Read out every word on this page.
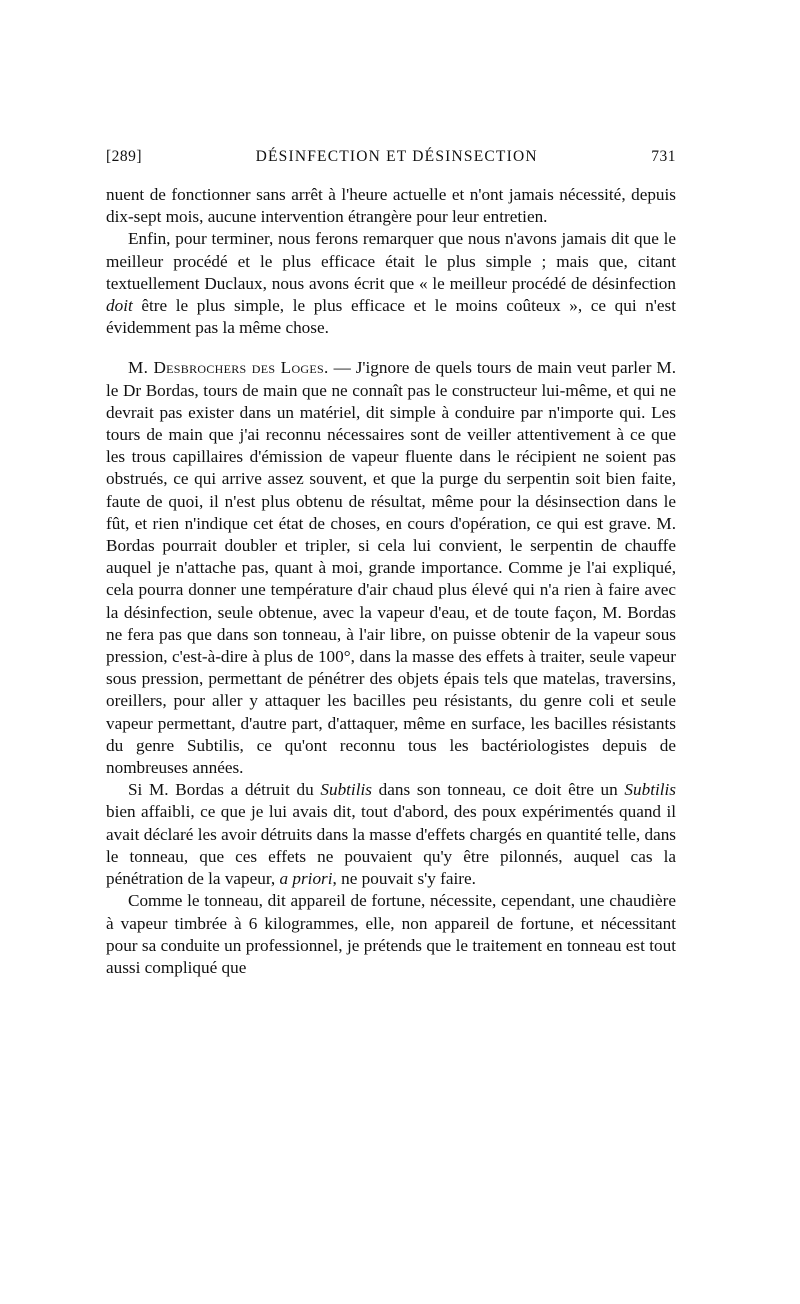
[289]	DÉSINFECTION ET DÉSINSECTION	731

nuent de fonctionner sans arrêt à l'heure actuelle et n'ont jamais nécessité, depuis dix-sept mois, aucune intervention étrangère pour leur entretien.

Enfin, pour terminer, nous ferons remarquer que nous n'avons jamais dit que le meilleur procédé et le plus efficace était le plus simple ; mais que, citant textuellement Duclaux, nous avons écrit que « le meilleur procédé de désinfection doit être le plus simple, le plus efficace et le moins coûteux », ce qui n'est évidemment pas la même chose.

M. Desbrochers des Loges. — J'ignore de quels tours de main veut parler M. le Dr Bordas, tours de main que ne connaît pas le constructeur lui-même, et qui ne devrait pas exister dans un matériel, dit simple à conduire par n'importe qui. Les tours de main que j'ai reconnu nécessaires sont de veiller attentivement à ce que les trous capillaires d'émission de vapeur fluente dans le récipient ne soient pas obstrués, ce qui arrive assez souvent, et que la purge du serpentin soit bien faite, faute de quoi, il n'est plus obtenu de résultat, même pour la désinsection dans le fût, et rien n'indique cet état de choses, en cours d'opération, ce qui est grave. M. Bordas pourrait doubler et tripler, si cela lui convient, le serpentin de chauffe auquel je n'attache pas, quant à moi, grande importance. Comme je l'ai expliqué, cela pourra donner une température d'air chaud plus élevé qui n'a rien à faire avec la désinfection, seule obtenue, avec la vapeur d'eau, et de toute façon, M. Bordas ne fera pas que dans son tonneau, à l'air libre, on puisse obtenir de la vapeur sous pression, c'est-à-dire à plus de 100°, dans la masse des effets à traiter, seule vapeur sous pression, permettant de pénétrer des objets épais tels que matelas, traversins, oreillers, pour aller y attaquer les bacilles peu résistants, du genre coli et seule vapeur permettant, d'autre part, d'attaquer, même en surface, les bacilles résistants du genre Subtilis, ce qu'ont reconnu tous les bactériologistes depuis de nombreuses années.

Si M. Bordas a détruit du Subtilis dans son tonneau, ce doit être un Subtilis bien affaibli, ce que je lui avais dit, tout d'abord, des poux expérimentés quand il avait déclaré les avoir détruits dans la masse d'effets chargés en quantité telle, dans le tonneau, que ces effets ne pouvaient qu'y être pilonnés, auquel cas la pénétration de la vapeur, a priori, ne pouvait s'y faire.

Comme le tonneau, dit appareil de fortune, nécessite, cependant, une chaudière à vapeur timbrée à 6 kilogrammes, elle, non appareil de fortune, et nécessitant pour sa conduite un professionnel, je prétends que le traitement en tonneau est tout aussi compliqué que
